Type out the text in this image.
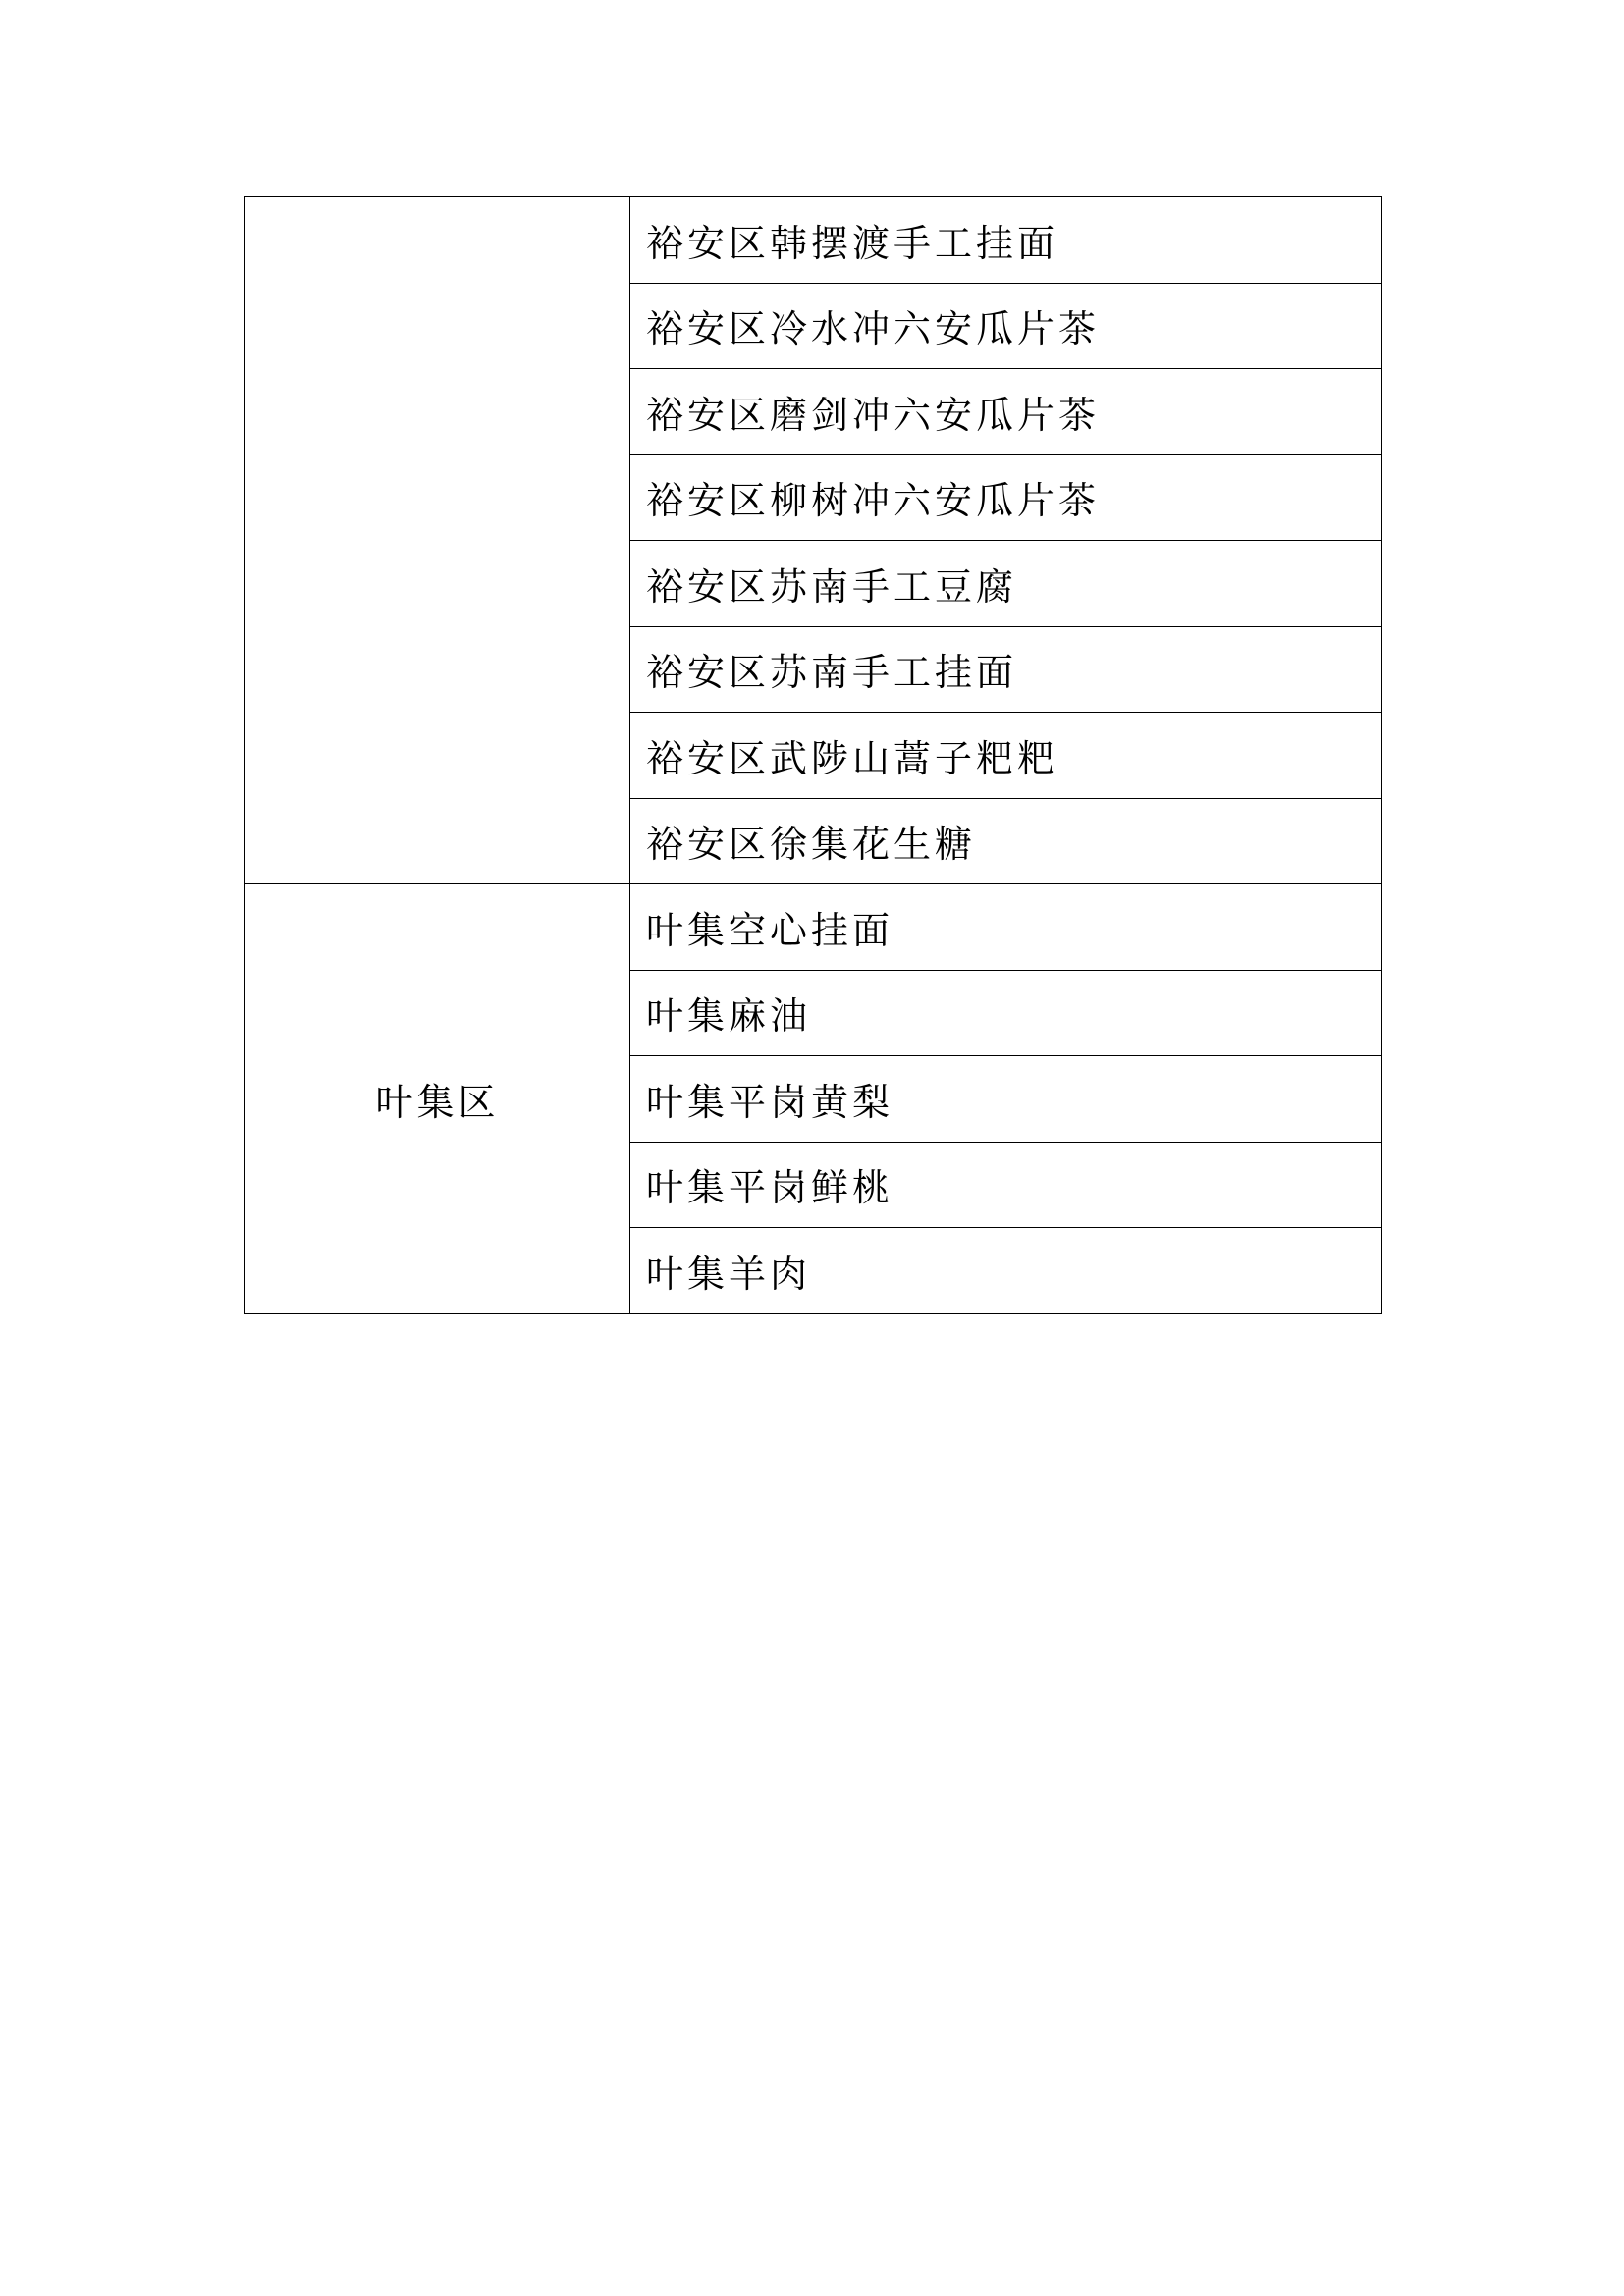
	裕安区韩摆渡手工挂面
	裕安区冷水冲六安瓜片茶
	裕安区磨剑冲六安瓜片茶
	裕安区柳树冲六安瓜片茶
	裕安区苏南手工豆腐
	裕安区苏南手工挂面
	裕安区武陟山蒿子粑粑
	裕安区徐集花生糖
叶集区	叶集空心挂面
	叶集麻油
	叶集平岗黄梨
	叶集平岗鲜桃
	叶集羊肉
